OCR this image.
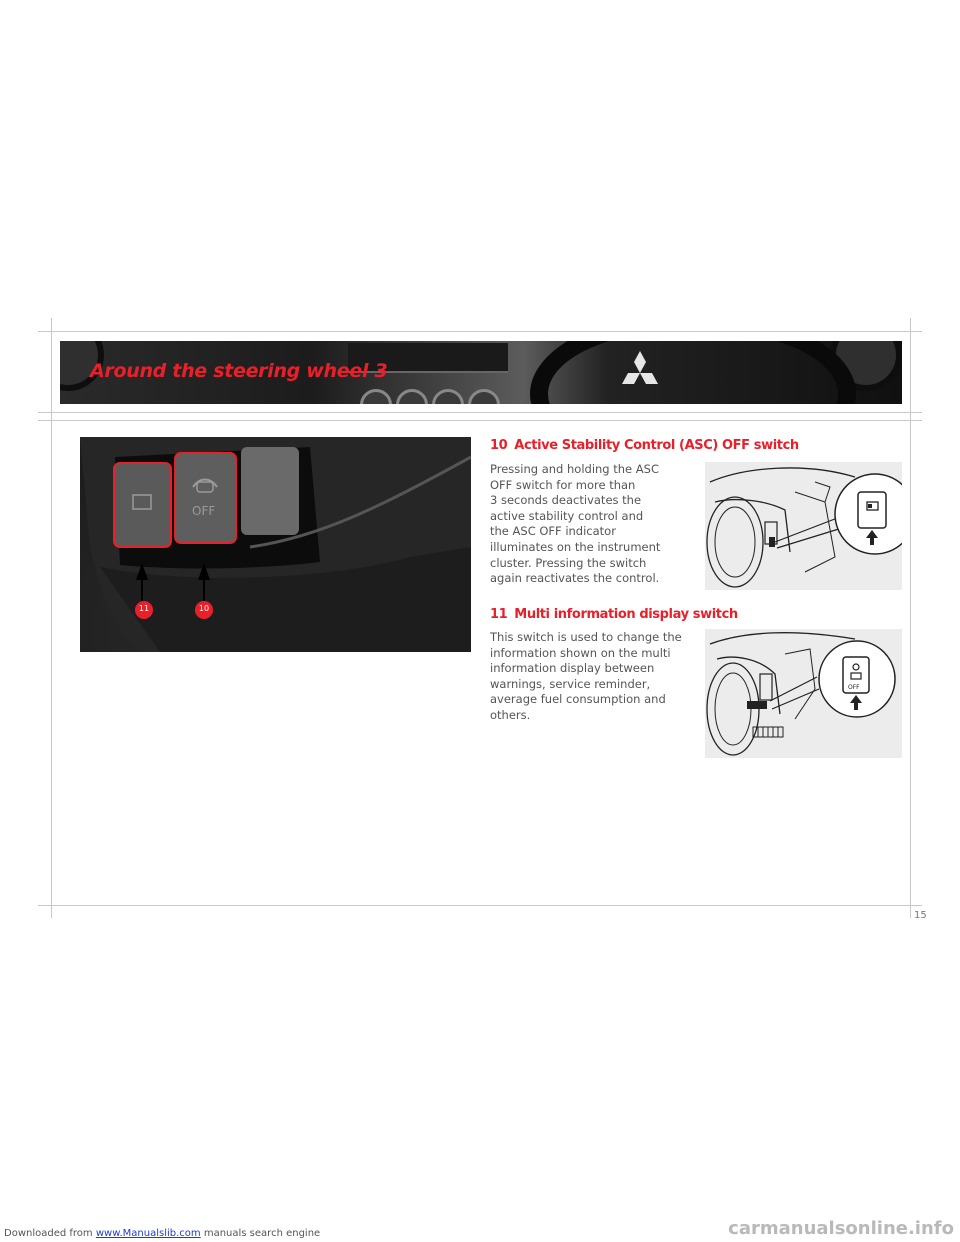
Around the steering wheel 3
OFF
11	10
10 Active Stability Control (ASC) OFF switch
Pressing and holding the ASC
OFF switch for more than
3 seconds deactivates the
active stability control and
the ASC OFF indicator
illuminates on the instrument
cluster. Pressing the switch
again reactivates the control.
11 Multi information display switch
This switch is used to change the
information shown on the multi
information display between
warnings, service reminder,
average fuel consumption and
others.
OFF
15
Downloaded from www.Manualslib.com manuals search engine	carmanualsonline.info
